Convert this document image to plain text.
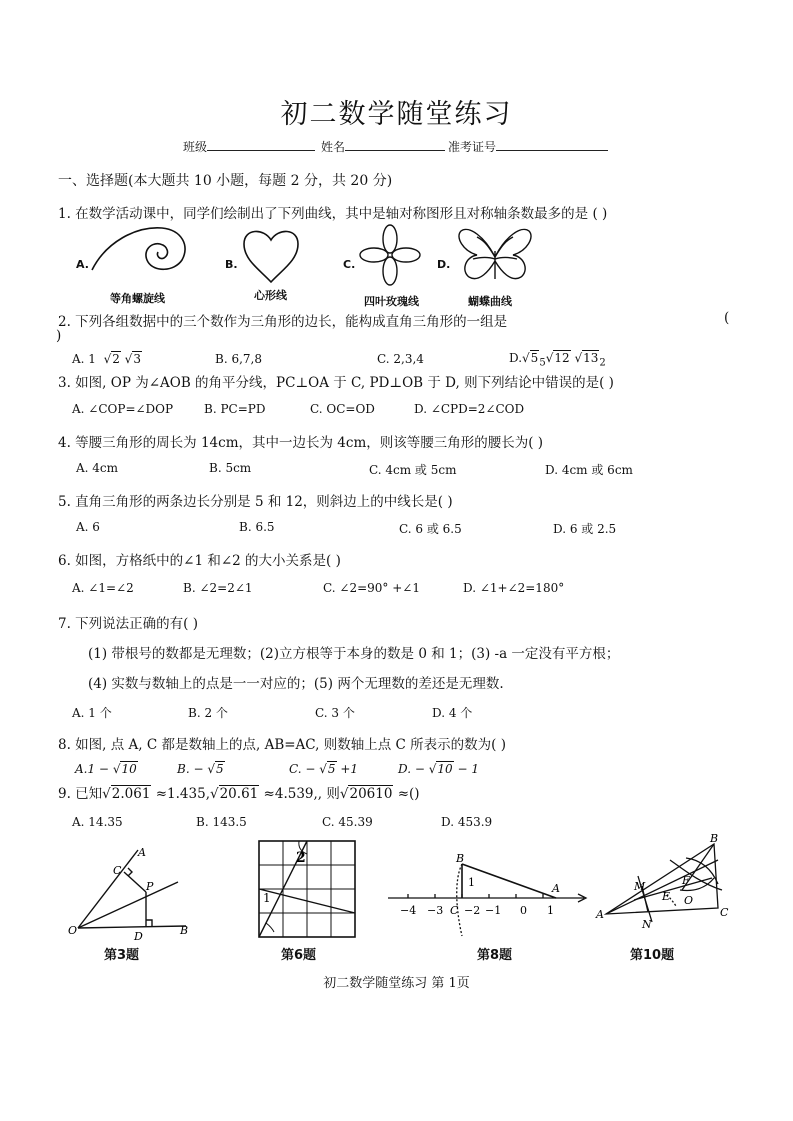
初二数学随堂练习
班级	姓名	准考证号
一、选择题(本大题共 10 小题，每题 2 分，共 20 分)
1. 在数学活动课中，同学们绘制出了下列曲线，其中是轴对称图形且对称轴条数最多的是 ( )
A.
等角螺旋线
B.
心形线
C.
四叶玫瑰线
D.
蝴蝶曲线
2. 下列各组数据中的三个数作为三角形的边长，能构成直角三角形的一组是	(
)
A. 1  √2 √3	B. 6,7,8	C. 2,3,4	$D.√5_5√12$ $√13_2$
3. 如图, OP 为∠AOB 的角平分线，PC⊥OA 于 C, PD⊥OB 于 D, 则下列结论中错误的是( )
A. ∠COP=∠DOP	B. PC=PD	C. OC=OD	D. ∠CPD=2∠COD
4. 等腰三角形的周长为 14cm，其中一边长为 4cm，则该等腰三角形的腰长为( )
A. 4cm	B. 5cm	C. 4cm 或 5cm	D. 4cm 或 6cm
5. 直角三角形的两条边长分别是 5 和 12，则斜边上的中线长是( )
A. 6	B. 6.5	C. 6 或 6.5	D. 6 或 2.5
6. 如图，方格纸中的∠1 和∠2 的大小关系是( )
A. ∠1=∠2	B. ∠2=2∠1	C. ∠2=90° +∠1	D. ∠1+∠2=180°
7. 下列说法正确的有( )
(1) 带根号的数都是无理数；(2)立方根等于本身的数是 0 和 1；(3) -a 一定没有平方根；
(4) 实数与数轴上的点是一一对应的；(5) 两个无理数的差还是无理数.
A. 1 个	B. 2 个	C. 3 个	D. 4 个
8. 如图, 点 A, C 都是数轴上的点, AB=AC, 则数轴上点 C 所表示的数为( )
A.1 − √10	B. − √5	C. − √5 +1	D. − √10 − 1
9. 已知√2.061 ≈1.435,√20.61 ≈4.539,, 则√20610 ≈()
A. 14.35	B. 143.5	C. 45.39	D. 453.9
A
C
P
O	D	B
第3题
1
2
第6题
B
1	A
C
−4 −3 −2 −1 0 1
第8题
B
M	F
E O
A
N
C
第10题
初二数学随堂练习 第 1页
